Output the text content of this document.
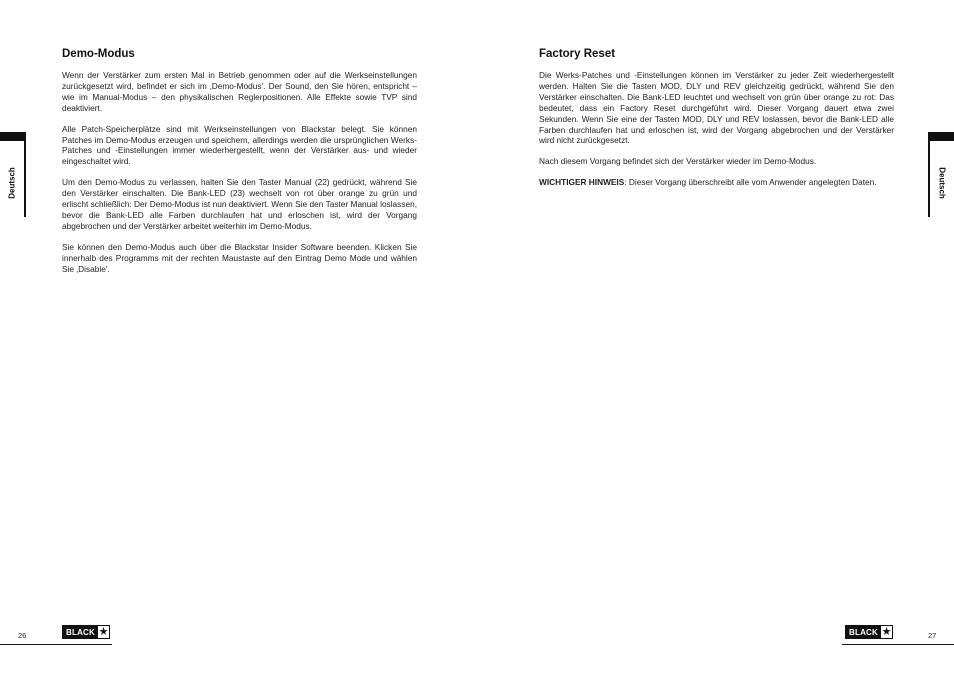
Deutsch	Deutsch
Demo-Modus

Wenn der Verstärker zum ersten Mal in Betrieb genommen oder auf die Werkseinstellungen zurückgesetzt wird, befindet er sich im ‚Demo-Modus'. Der Sound, den Sie hören, entspricht – wie im Manual-Modus – den physikalischen Reglerpositionen. Alle Effekte sowie TVP sind deaktiviert.

Alle Patch-Speicherplätze sind mit Werkseinstellungen von Blackstar belegt. Sie können Patches im Demo-Modus erzeugen und speichern, allerdings werden die ursprünglichen Werks-Patches und -Einstellungen immer wiederhergestellt, wenn der Verstärker aus- und wieder eingeschaltet wird.

Um den Demo-Modus zu verlassen, halten Sie den Taster Manual (22) gedrückt, während Sie den Verstärker einschalten. Die Bank-LED (23) wechselt von rot über orange zu grün und erlischt schließlich: Der Demo-Modus ist nun deaktiviert. Wenn Sie den Taster Manual loslassen, bevor die Bank-LED alle Farben durchlaufen hat und erloschen ist, wird der Vorgang abgebrochen und der Verstärker arbeitet weiterhin im Demo-Modus.

Sie können den Demo-Modus auch über die Blackstar Insider Software beenden. Klicken Sie innerhalb des Programms mit der rechten Maustaste auf den Eintrag Demo Mode und wählen Sie ‚Disable'.

Factory Reset

Die Werks-Patches und -Einstellungen können im Verstärker zu jeder Zeit wiederhergestellt werden. Halten Sie die Tasten MOD, DLY und REV gleichzeitig gedrückt, während Sie den Verstärker einschalten. Die Bank-LED leuchtet und wechselt von grün über orange zu rot: Das bedeutet, dass ein Factory Reset durchgeführt wird. Dieser Vorgang dauert etwa zwei Sekunden. Wenn Sie eine der Tasten MOD, DLY und REV loslassen, bevor die Bank-LED alle Farben durchlaufen hat und erloschen ist, wird der Vorgang abgebrochen und der Verstärker wird nicht zurückgesetzt.

Nach diesem Vorgang befindet sich der Verstärker wieder im Demo-Modus.

WICHTIGER HINWEIS: Dieser Vorgang überschreibt alle vom Anwender angelegten Daten.

26	27
BLACK ★	BLACK ★
